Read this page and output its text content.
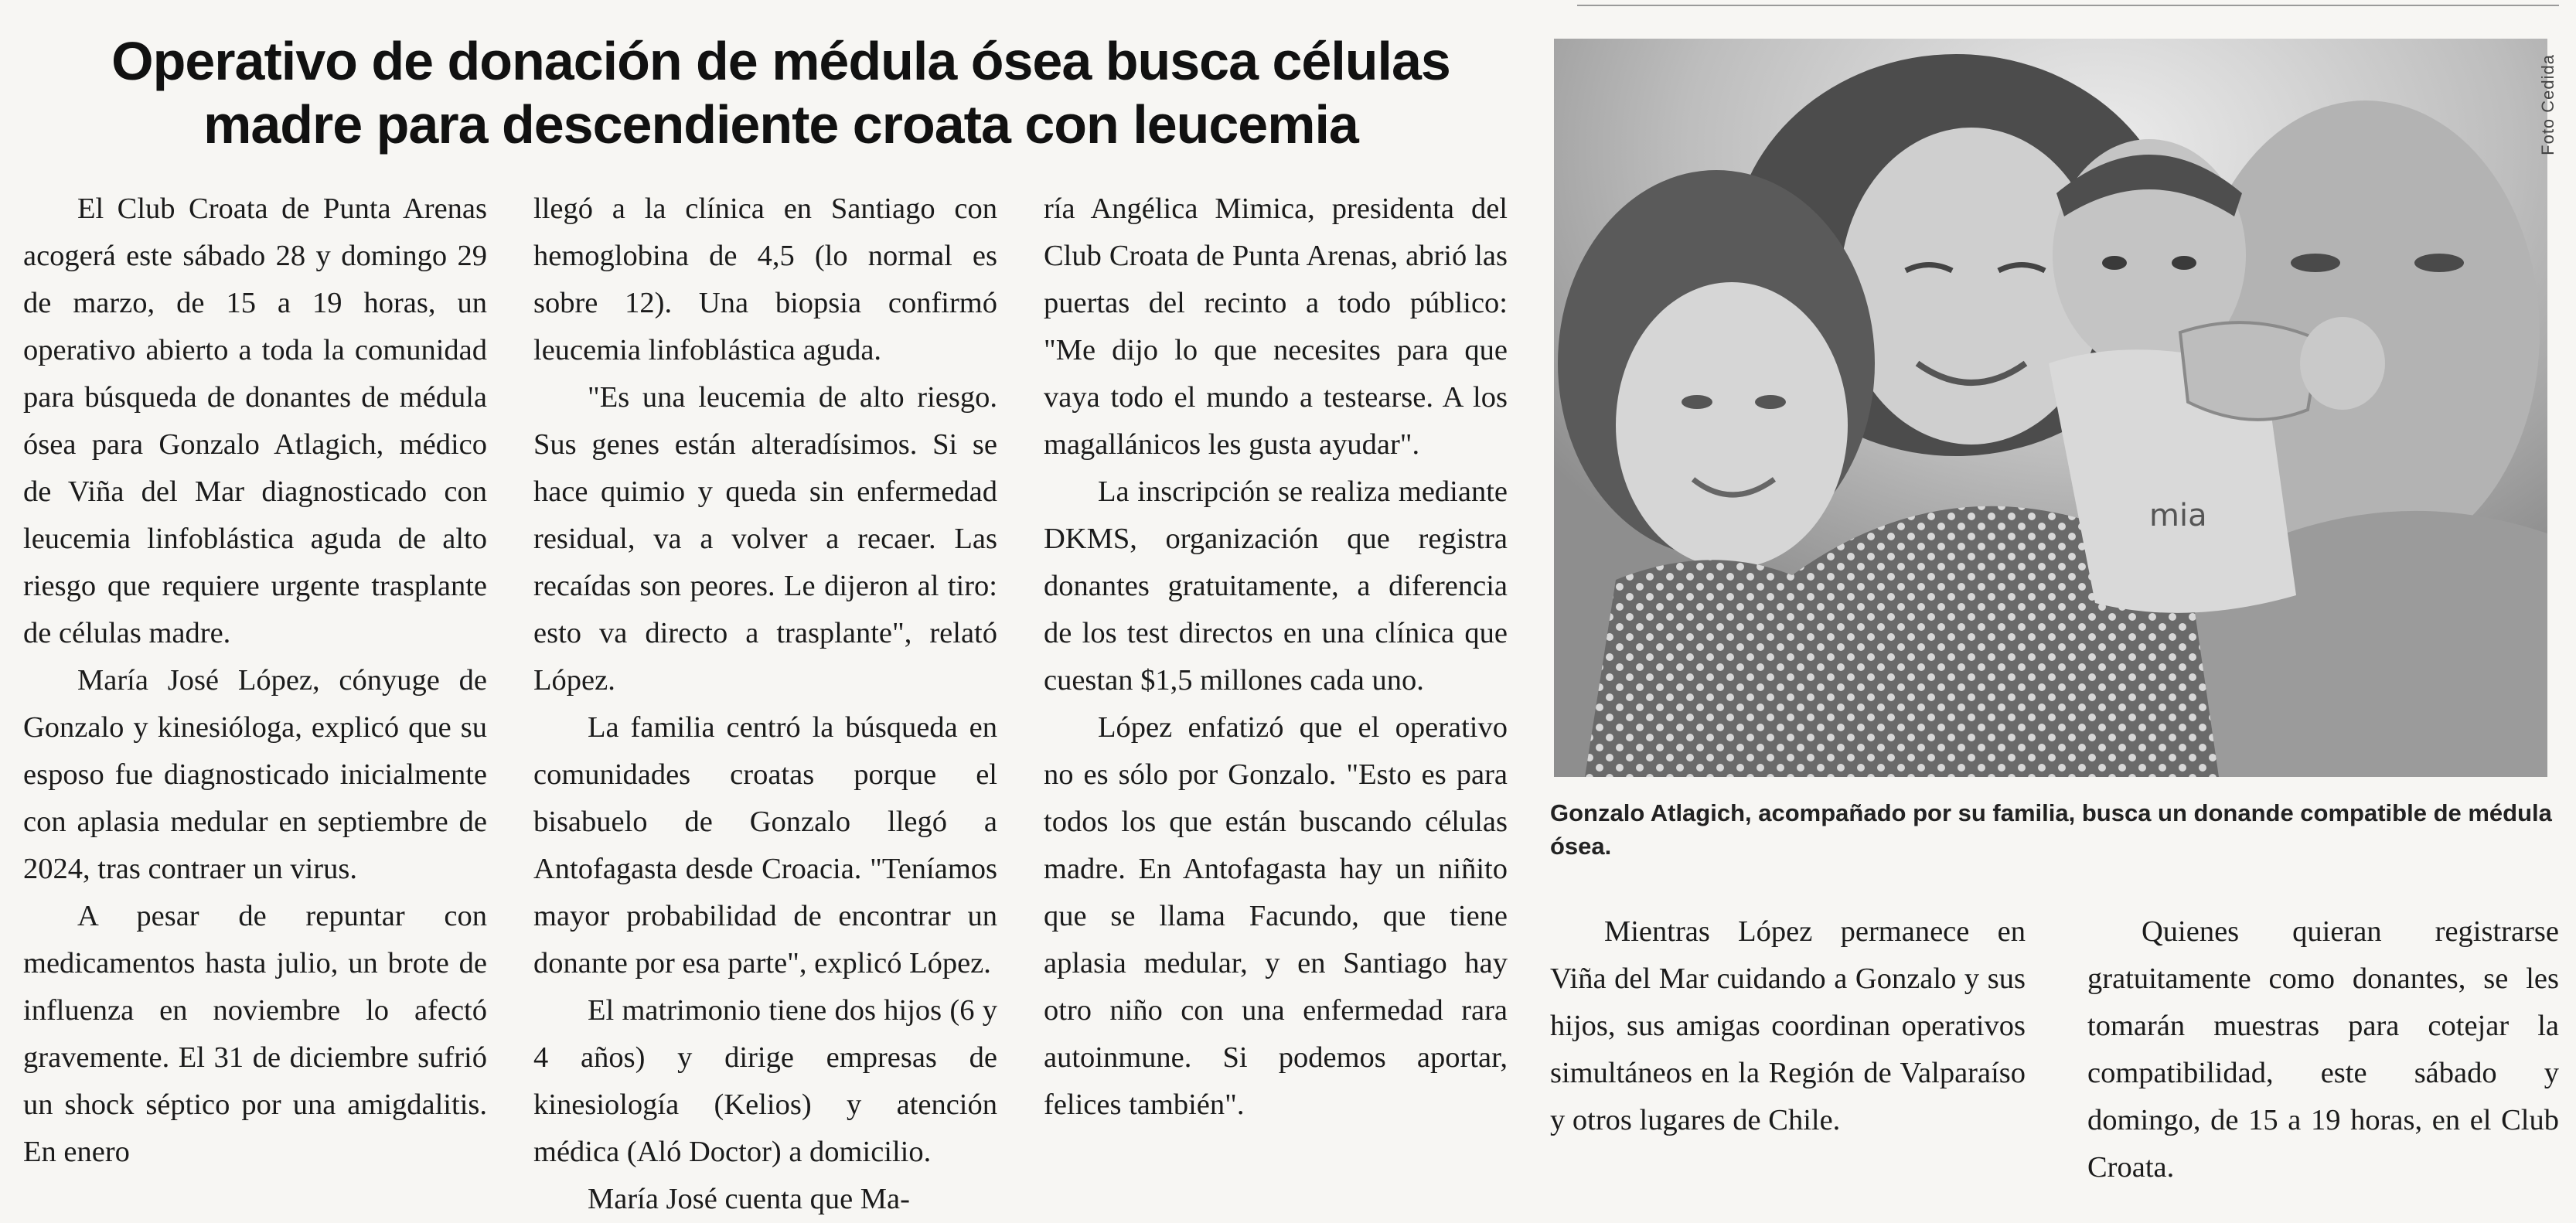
Operativo de donación de médula ósea busca células
madre para descendiente croata con leucemia

El Club Croata de Punta Arenas acogerá este sábado 28 y domingo 29 de marzo, de 15 a 19 horas, un operativo abierto a toda la comunidad para búsqueda de donantes de médula ósea para Gonzalo Atlagich, médico de Viña del Mar diagnosticado con leucemia linfoblástica aguda de alto riesgo que requiere urgente trasplante de células madre.

María José López, cónyuge de Gonzalo y kinesióloga, explicó que su esposo fue diagnosticado inicialmente con aplasia medular en septiembre de 2024, tras contraer un virus.

A pesar de repuntar con medicamentos hasta julio, un brote de influenza en noviembre lo afectó gravemente. El 31 de diciembre sufrió un shock séptico por una amigdalitis. En enero

llegó a la clínica en Santiago con hemoglobina de 4,5 (lo normal es sobre 12). Una biopsia confirmó leucemia linfoblástica aguda.

"Es una leucemia de alto riesgo. Sus genes están alteradísimos. Si se hace quimio y queda sin enfermedad residual, va a volver a recaer. Las recaídas son peores. Le dijeron al tiro: esto va directo a trasplante", relató López.

La familia centró la búsqueda en comunidades croatas porque el bisabuelo de Gonzalo llegó a Antofagasta desde Croacia. "Teníamos mayor probabilidad de encontrar un donante por esa parte", explicó López.

El matrimonio tiene dos hijos (6 y 4 años) y dirige empresas de kinesiología (Kelios) y atención médica (Aló Doctor) a domicilio.

María José cuenta que Ma-

ría Angélica Mimica, presidenta del Club Croata de Punta Arenas, abrió las puertas del recinto a todo público: "Me dijo lo que necesites para que vaya todo el mundo a testearse. A los magallánicos les gusta ayudar".

La inscripción se realiza mediante DKMS, organización que registra donantes gratuitamente, a diferencia de los test directos en una clínica que cuestan $1,5 millones cada uno.

López enfatizó que el operativo no es sólo por Gonzalo. "Esto es para todos los que están buscando células madre. En Antofagasta hay un niñito que se llama Facundo, que tiene aplasia medular, y en Santiago hay otro niño con una enfermedad rara autoinmune. Si podemos aportar, felices también".

mia
Foto Cedida
Gonzalo Atlagich, acompañado por su familia, busca un donande compatible de médula ósea.

Mientras López permanece en Viña del Mar cuidando a Gonzalo y sus hijos, sus amigas coordinan operativos simultáneos en la Región de Valparaíso y otros lugares de Chile.

Quienes quieran registrarse gratuitamente como donantes, se les tomarán muestras para cotejar la compatibilidad, este sábado y domingo, de 15 a 19 horas, en el Club Croata.
